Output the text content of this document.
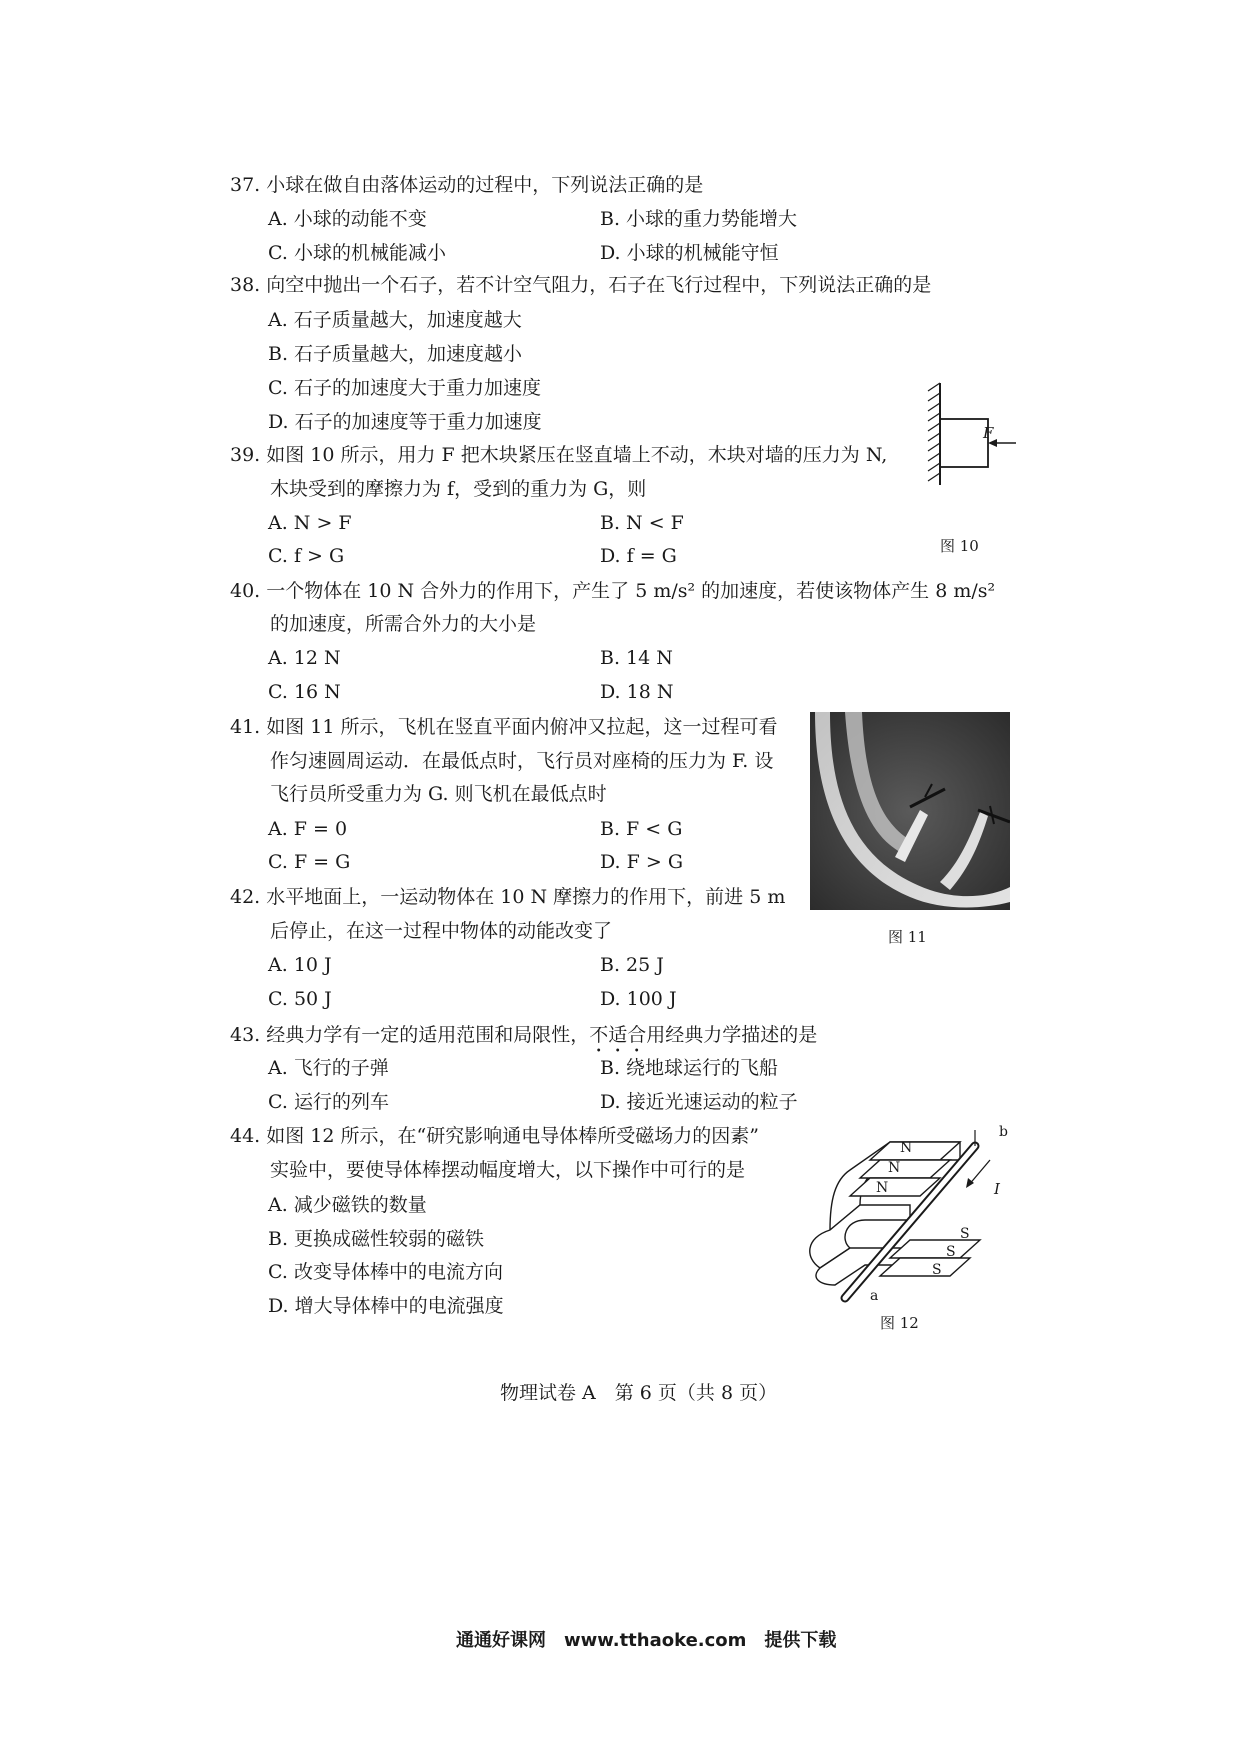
37. 小球在做自由落体运动的过程中，下列说法正确的是
A. 小球的动能不变	B. 小球的重力势能增大
C. 小球的机械能减小	D. 小球的机械能守恒
38. 向空中抛出一个石子，若不计空气阻力，石子在飞行过程中，下列说法正确的是
A. 石子质量越大，加速度越大
B. 石子质量越大，加速度越小
C. 石子的加速度大于重力加速度
D. 石子的加速度等于重力加速度	F
图 10
39. 如图 10 所示，用力 F 把木块紧压在竖直墙上不动，木块对墙的压力为 N,
木块受到的摩擦力为 f，受到的重力为 G，则
A. N > F	B. N < F
C. f > G	D. f = G
40. 一个物体在 10 N 合外力的作用下，产生了 5 m/s² 的加速度，若使该物体产生 8 m/s²
的加速度，所需合外力的大小是
A. 12 N	B. 14 N
C. 16 N	D. 18 N
图 11
41. 如图 11 所示，飞机在竖直平面内俯冲又拉起，这一过程可看
作匀速圆周运动．在最低点时，飞行员对座椅的压力为 F. 设
飞行员所受重力为 G. 则飞机在最低点时
A. F = 0	B. F < G
C. F = G	D. F > G
42. 水平地面上，一运动物体在 10 N 摩擦力的作用下，前进 5 m
后停止，在这一过程中物体的动能改变了
A. 10 J	B. 25 J
C. 50 J	D. 100 J
43. 经典力学有一定的适用范围和局限性，不适合用经典力学描述的是
A. 飞行的子弹	B. 绕地球运行的飞船
C. 运行的列车	D. 接近光速运动的粒子
44. 如图 12 所示，在“研究影响通电导体棒所受磁场力的因素”
实验中，要使导体棒摆动幅度增大，以下操作中可行的是
A. 减少磁铁的数量
B. 更换成磁性较弱的磁铁
C. 改变导体棒中的电流方向
D. 增大导体棒中的电流强度
N
N
N
S
S
S
b
a
I
图 12
物理试卷 A　第 6 页（共 8 页）
通通好课网　www.tthaoke.com　提供下载
